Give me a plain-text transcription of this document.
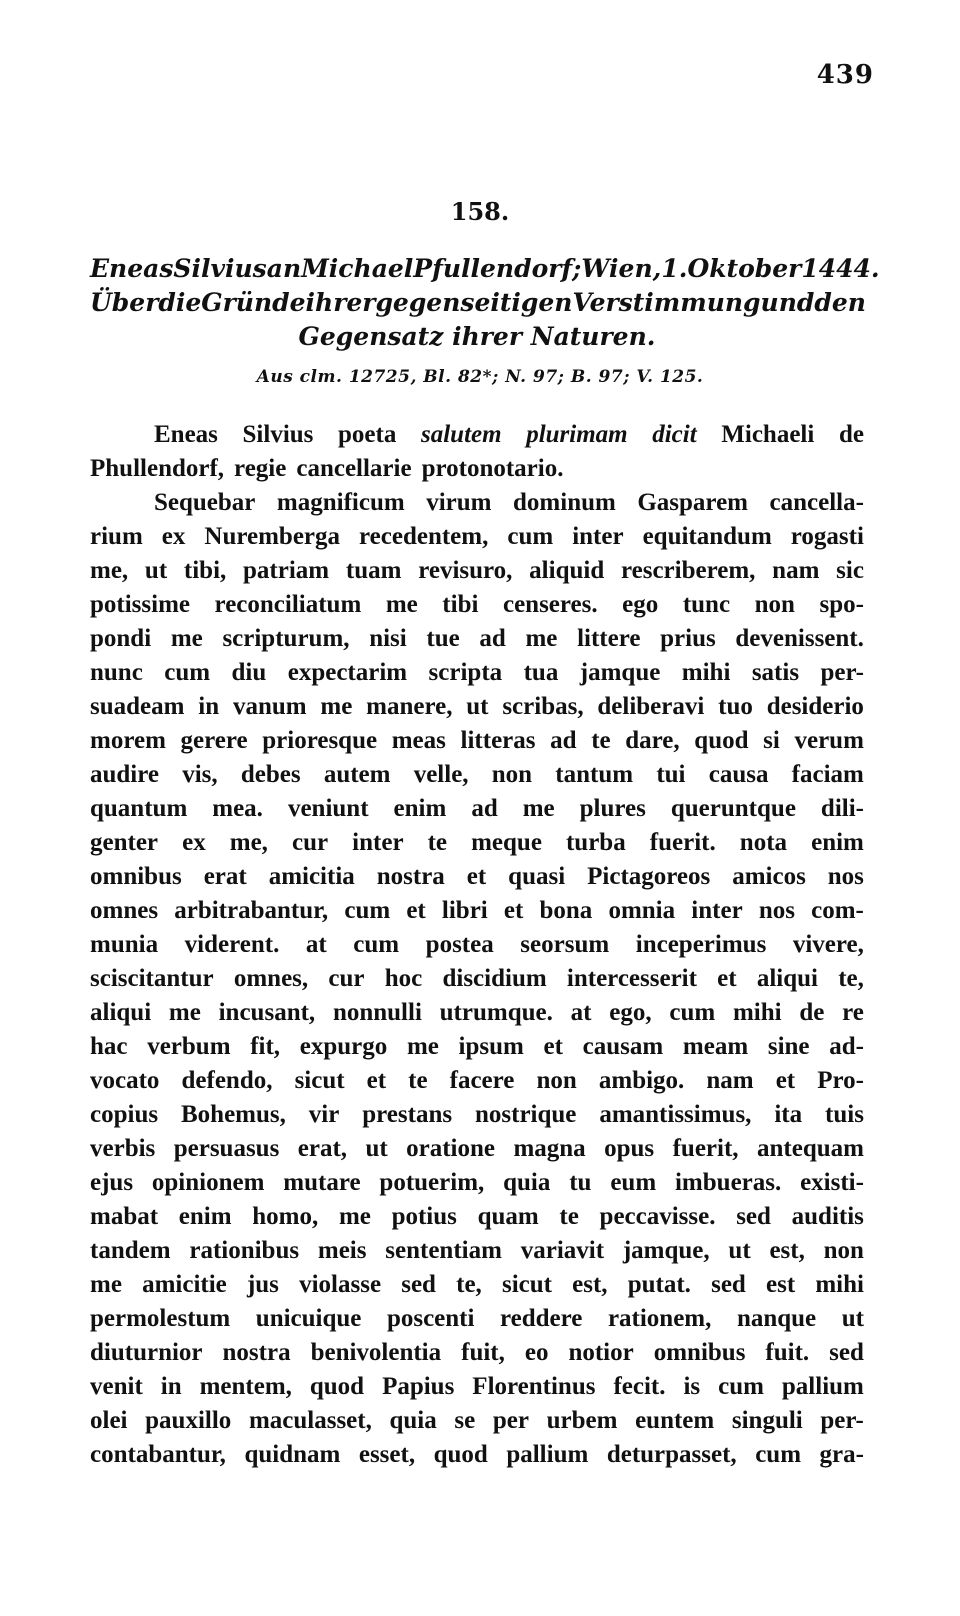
439
158.
Eneas Silvius an Michael Pfullendorf; Wien, 1. Oktober 1444.
Über die Gründe ihrer gegenseitigen Verstimmung und den
Gegensatz ihrer Naturen.
Aus clm. 12725, Bl. 82*; N. 97; B. 97; V. 125.
Eneas Silvius poeta salutem plurimam dicit Michaeli de
Phullendorf, regie cancellarie protonotario.
Sequebar magnificum virum dominum Gasparem cancella-
rium ex Nuremberga recedentem, cum inter equitandum rogasti
me, ut tibi, patriam tuam revisuro, aliquid rescriberem, nam sic
potissime reconciliatum me tibi censeres. ego tunc non spo-
pondi me scripturum, nisi tue ad me littere prius devenissent.
nunc cum diu expectarim scripta tua jamque mihi satis per-
suadeam in vanum me manere, ut scribas, deliberavi tuo desiderio
morem gerere prioresque meas litteras ad te dare, quod si verum
audire vis, debes autem velle, non tantum tui causa faciam
quantum mea. veniunt enim ad me plures queruntque dili-
genter ex me, cur inter te meque turba fuerit. nota enim
omnibus erat amicitia nostra et quasi Pictagoreos amicos nos
omnes arbitrabantur, cum et libri et bona omnia inter nos com-
munia viderent. at cum postea seorsum inceperimus vivere,
sciscitantur omnes, cur hoc discidium intercesserit et aliqui te,
aliqui me incusant, nonnulli utrumque. at ego, cum mihi de re
hac verbum fit, expurgo me ipsum et causam meam sine ad-
vocato defendo, sicut et te facere non ambigo. nam et Pro-
copius Bohemus, vir prestans nostrique amantissimus, ita tuis
verbis persuasus erat, ut oratione magna opus fuerit, antequam
ejus opinionem mutare potuerim, quia tu eum imbueras. existi-
mabat enim homo, me potius quam te peccavisse. sed auditis
tandem rationibus meis sententiam variavit jamque, ut est, non
me amicitie jus violasse sed te, sicut est, putat. sed est mihi
permolestum unicuique poscenti reddere rationem, nanque ut
diuturnior nostra benivolentia fuit, eo notior omnibus fuit. sed
venit in mentem, quod Papius Florentinus fecit. is cum pallium
olei pauxillo maculasset, quia se per urbem euntem singuli per-
contabantur, quidnam esset, quod pallium deturpasset, cum gra-
